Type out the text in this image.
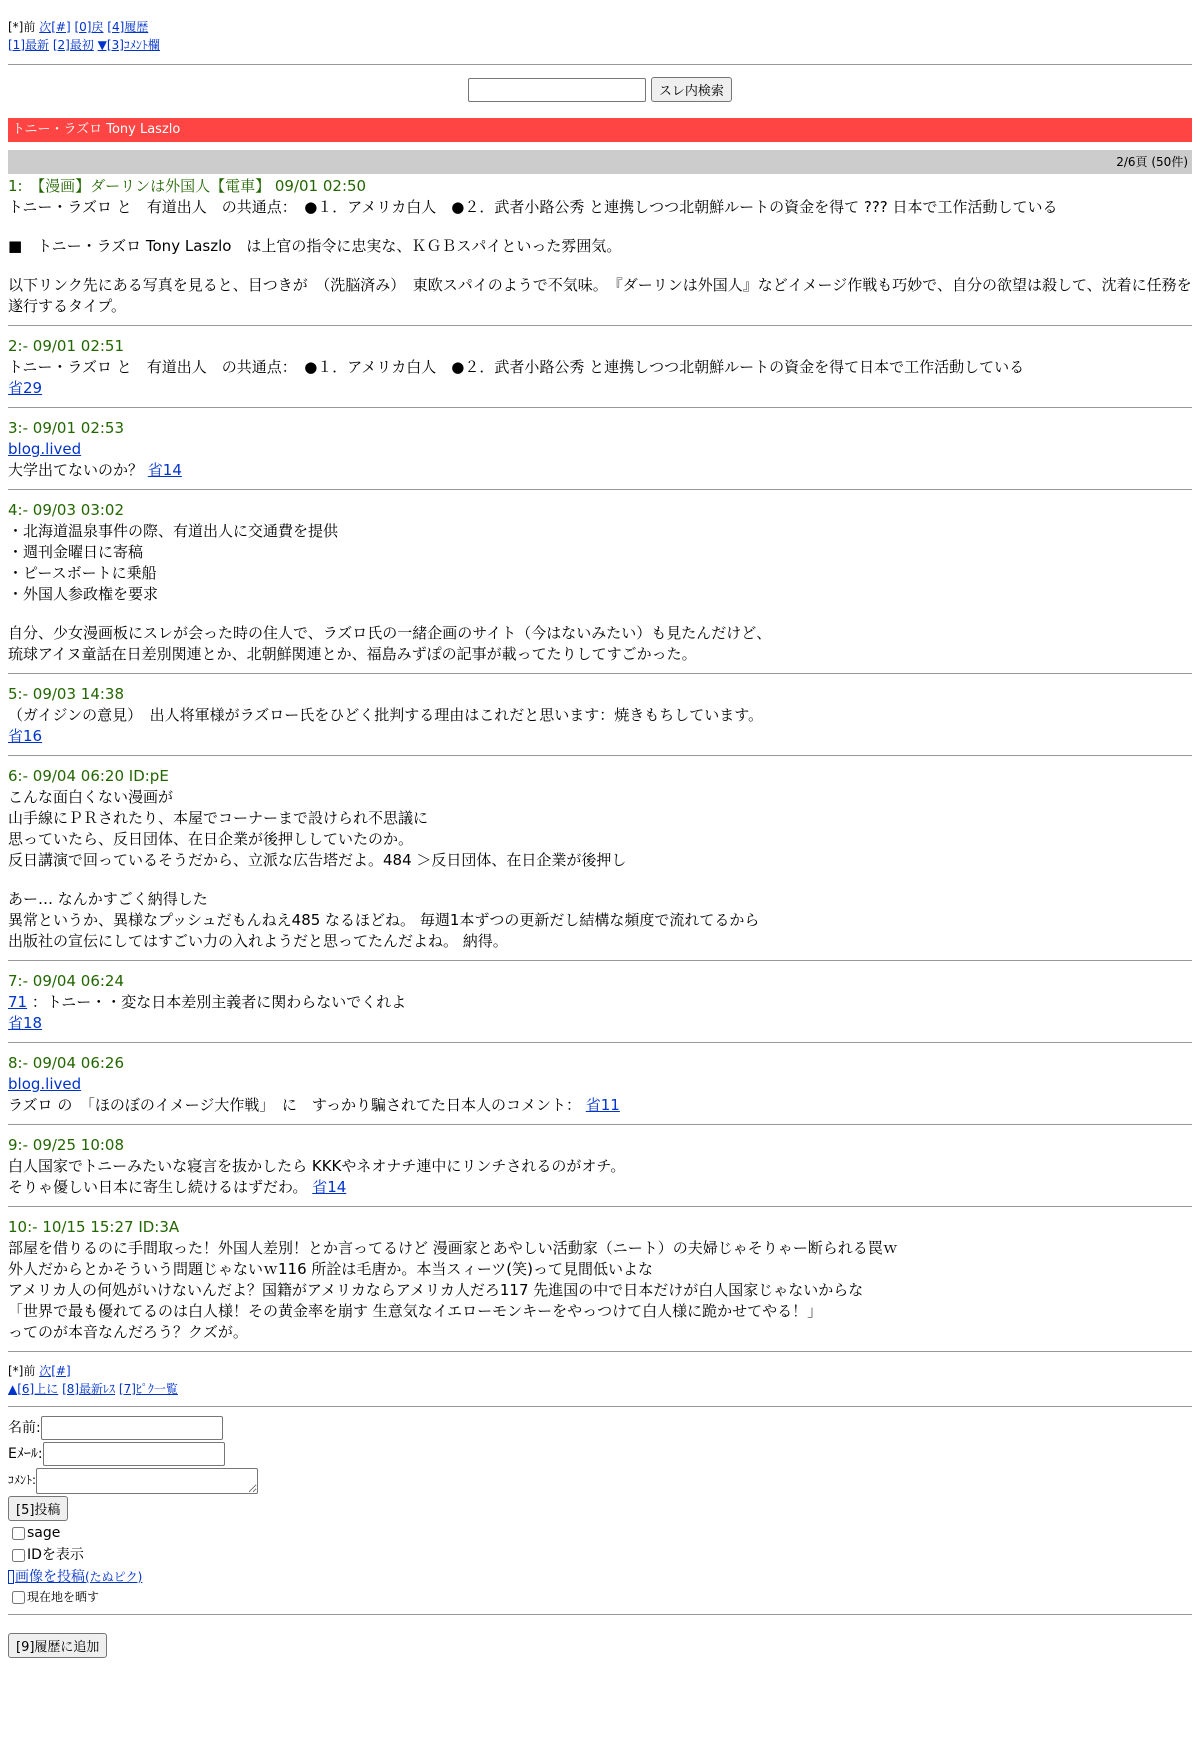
[*]前 次[#] [0]戻 [4]履歴
[1]最新 [2]最初 ▼[3]ｺﾒﾝﾄ欄
スレ内検索
トニー・ラズロ Tony Laszlo
2/6頁 (50件)
1:　【漫画】ダーリンは外国人【電車】 09/01 02:50
トニー・ラズロ と　有道出人　の共通点：　●１．アメリカ白人　●２．武者小路公秀 と連携しつつ北朝鮮ルートの資金を得て ??? 日本で工作活動している
■　トニー・ラズロ Tony Laszlo　は上官の指令に忠実な、ＫＧＢスパイといった雰囲気。
以下リンク先にある写真を見ると、目つきが　（洗脳済み）　東欧スパイのようで不気味。　『ダーリンは外国人』などイメージ作戦も巧妙で、自分の欲望は殺して、沈着に任務を遂行するタイプ。
2:- 09/01 02:51
トニー・ラズロ と　有道出人　の共通点：　●１．アメリカ白人　●２．武者小路公秀 と連携しつつ北朝鮮ルートの資金を得て日本で工作活動している
省29
3:- 09/01 02:53
blog.lived
大学出てないのか？ 省14
4:- 09/03 03:02
・北海道温泉事件の際、有道出人に交通費を提供
・週刊金曜日に寄稿
・ピースボートに乗船
・外国人参政権を要求
自分、少女漫画板にスレが会った時の住人で、ラズロ氏の一緒企画のサイト（今はないみたい）も見たんだけど、
琉球アイヌ童話在日差別関連とか、北朝鮮関連とか、福島みずぽの記事が載ってたりしてすごかった。
5:- 09/03 14:38
（ガイジンの意見）　出人将軍様がラズロー氏をひどく批判する理由はこれだと思います：焼きもちしています。
省16
6:- 09/04 06:20 ID:pE
こんな面白くない漫画が
山手線にＰＲされたり、本屋でコーナーまで設けられ不思議に
思っていたら、反日団体、在日企業が後押ししていたのか。
反日講演で回っているそうだから、立派な広告塔だよ。484 ＞反日団体、在日企業が後押し
あー… なんかすごく納得した
異常というか、異様なプッシュだもんねえ485 なるほどね。 毎週1本ずつの更新だし結構な頻度で流れてるから
出版社の宣伝にしてはすごい力の入れようだと思ってたんだよね。 納得。
7:- 09/04 06:24
71 ：トニー・・変な日本差別主義者に関わらないでくれよ
省18
8:- 09/04 06:26
blog.lived
ラズロ の　「ほのぼのイメージ大作戦」　に　すっかり騙されてた日本人のコメント： 省11
9:- 09/25 10:08
白人国家でトニーみたいな寝言を抜かしたら KKKやネオナチ連中にリンチされるのがオチ。
そりゃ優しい日本に寄生し続けるはずだわ。 省14
10:- 10/15 15:27 ID:3A
部屋を借りるのに手間取った！外国人差別！とか言ってるけど 漫画家とあやしい活動家（ニート）の夫婦じゃそりゃー断られる罠ｗ
外人だからとかそういう問題じゃないｗ116 所詮は毛唐か。本当スィーツ(笑)って見間低いよな
アメリカ人の何処がいけないんだよ？国籍がアメリカならアメリカ人だろ117 先進国の中で日本だけが白人国家じゃないからな
「世界で最も優れてるのは白人様！その黄金率を崩す 生意気なイエローモンキーをやっつけて白人様に跪かせてやる！」
ってのが本音なんだろう？クズが。
[*]前 次[#]
▲[6]上に [8]最新ﾚｽ [7]ﾋﾟｸ一覧
名前:
Eﾒｰﾙ:
ｺﾒﾝﾄ:
[5]投稿
sage
IDを表示
画像を投稿(たぬピク)
現在地を晒す
[9]履歴に追加
